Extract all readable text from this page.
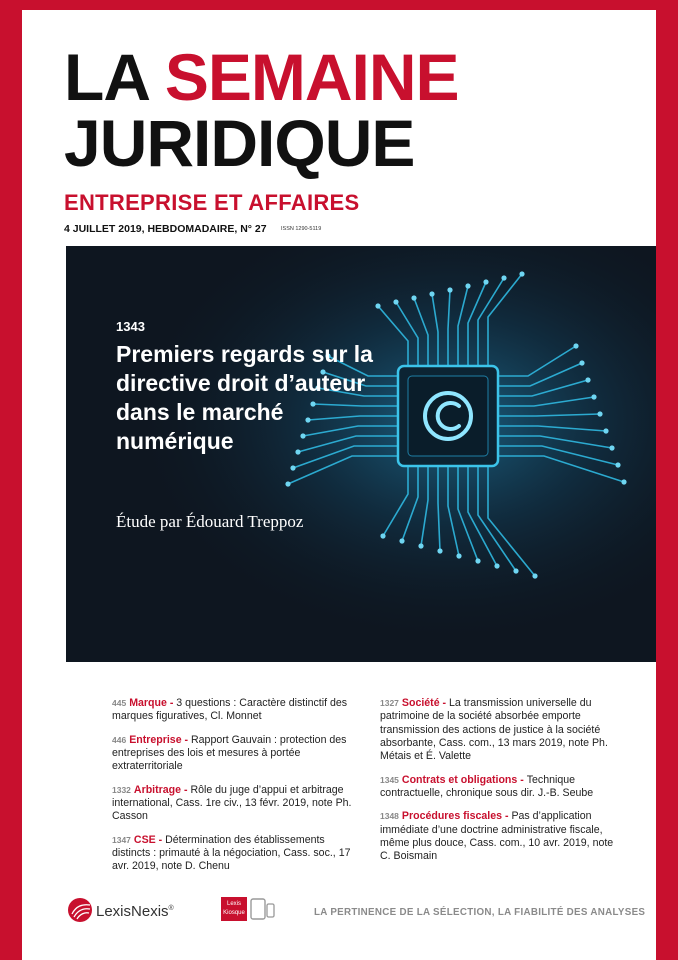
LA SEMAINE
JURIDIQUE
ENTREPRISE ET AFFAIRES
4 JUILLET 2019, HEBDOMADAIRE, N° 27	ISSN 1290-5119
1343
Premiers regards sur la directive droit d’auteur dans le marché numérique
Étude par Édouard Treppoz
445 Marque - 3 questions : Caractère distinctif des marques figuratives, Cl. Monnet
446 Entreprise - Rapport Gauvain : protection des entreprises des lois et mesures à portée extraterritoriale
1332 Arbitrage - Rôle du juge d’appui et arbitrage international, Cass. 1re civ., 13 févr. 2019, note Ph. Casson
1347 CSE - Détermination des établissements distincts : primauté à la négociation, Cass. soc., 17 avr. 2019, note D. Chenu
1327 Société - La transmission universelle du patrimoine de la société absorbée emporte transmission des actions de justice à la société absorbante, Cass. com., 13 mars 2019, note Ph. Métais et É. Valette
1345 Contrats et obligations - Technique contractuelle, chronique sous dir. J.-B. Seube
1348 Procédures fiscales - Pas d’application immédiate d’une doctrine administrative fiscale, même plus douce, Cass. com., 10 avr. 2019, note C. Boismain
LexisNexis®
Lexis
Kiosque	LA PERTINENCE DE LA SÉLECTION, LA FIABILITÉ DES ANALYSES
